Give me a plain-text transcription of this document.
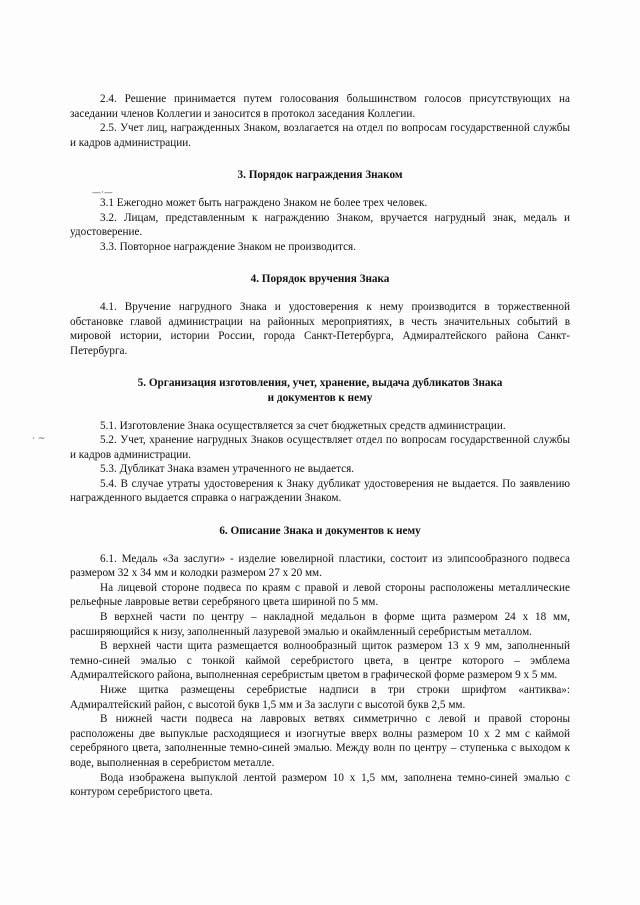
—·—
· ~

2.4. Решение принимается путем голосования большинством голосов присутствующих на заседании членов Коллегии и заносится в протокол заседания Коллегии.

2.5. Учет лиц, награжденных Знаком, возлагается на отдел по вопросам государственной службы и кадров администрации.

3. Порядок награждения Знаком

3.1 Ежегодно может быть награждено Знаком не более трех человек.

3.2. Лицам, представленным к награждению Знаком, вручается нагрудный знак, медаль и удостоверение.

3.3. Повторное награждение Знаком не производится.

4. Порядок вручения Знака

4.1. Вручение нагрудного Знака и удостоверения к нему производится в торжественной обстановке главой администрации на районных мероприятиях, в честь значительных событий в мировой истории, истории России, города Санкт-Петербурга, Адмиралтейского района Санкт-Петербурга.

5. Организация изготовления, учет, хранение, выдача дубликатов Знака
и документов к нему

5.1. Изготовление Знака осуществляется за счет бюджетных средств администрации.

5.2. Учет, хранение нагрудных Знаков осуществляет отдел по вопросам государственной службы и кадров администрации.

5.3. Дубликат Знака взамен утраченного не выдается.

5.4. В случае утраты удостоверения к Знаку дубликат удостоверения не выдается. По заявлению награжденного выдается справка о награждении Знаком.

6. Описание Знака и документов к нему

6.1. Медаль «За заслуги» - изделие ювелирной пластики, состоит из элипсообразного подвеса размером 32 х 34 мм и колодки размером 27 х 20 мм.

На лицевой стороне подвеса по краям с правой и левой стороны расположены металлические рельефные лавровые ветви серебряного цвета шириной по 5 мм.

В верхней части по центру – накладной медальон в форме щита размером 24 х 18 мм, расширяющийся к низу, заполненный лазуревой эмалью и окаймленный серебристым металлом.

В верхней части щита размещается волнообразный щиток размером 13 х 9 мм, заполненный темно-синей эмалью с тонкой каймой серебристого цвета, в центре которого – эмблема Адмиралтейского района, выполненная серебристым цветом в графической форме размером 9 х 5 мм.

Ниже щитка размещены серебристые надписи в три строки шрифтом «антиква»: Адмиралтейский район, с высотой букв 1,5 мм и За заслуги с высотой букв 2,5 мм.

В нижней части подвеса на лавровых ветвях симметрично с левой и правой стороны расположены две выпуклые расходящиеся и изогнутые вверх волны размером 10 х 2 мм с каймой серебряного цвета, заполненные темно-синей эмалью. Между волн по центру – ступенька с выходом к воде, выполненная в серебристом металле.

Вода изображена выпуклой лентой размером 10 х 1,5 мм, заполнена темно-синей эмалью с контуром серебристого цвета.
